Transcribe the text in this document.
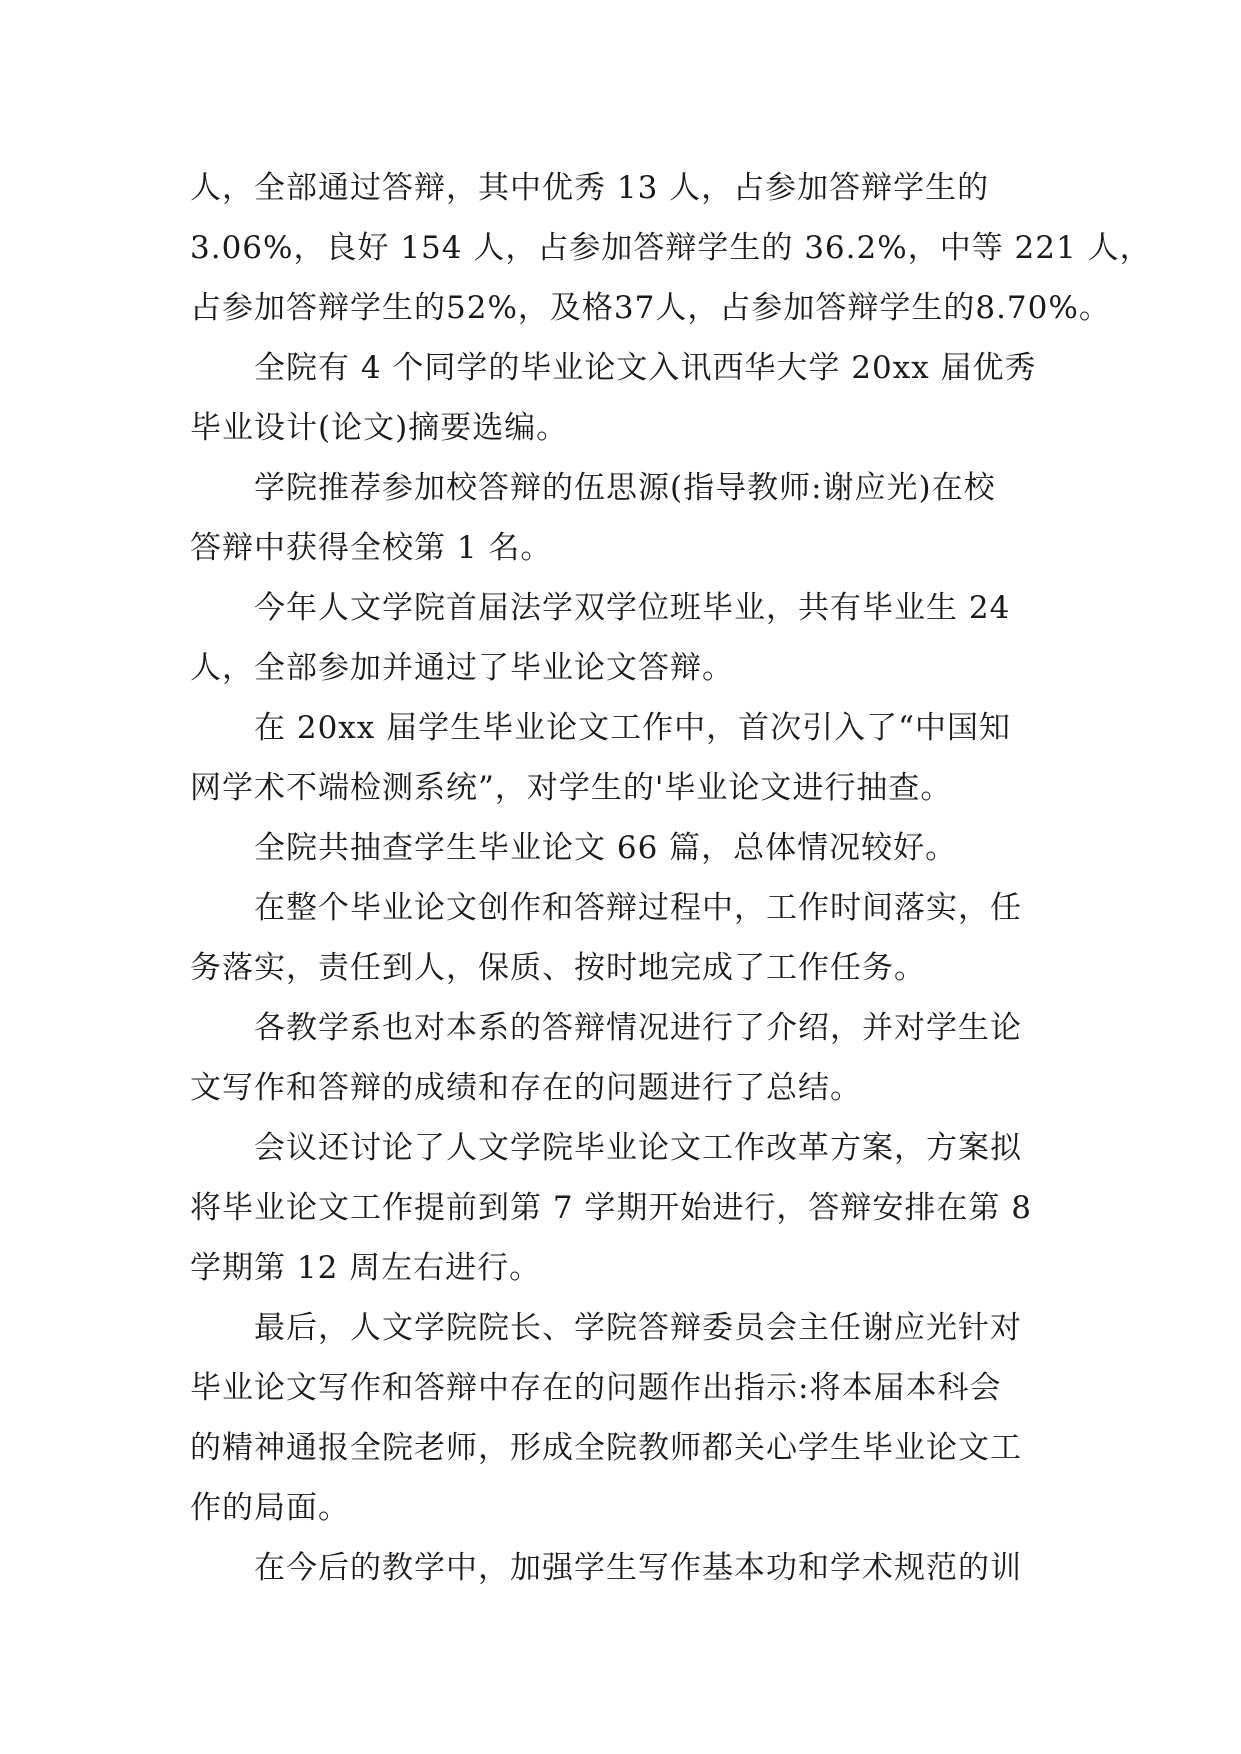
人，全部通过答辩，其中优秀 13 人，占参加答辩学生的
3.06%，良好 154 人，占参加答辩学生的 36.2%，中等 221 人，
占参加答辩学生的52%，及格37人，占参加答辩学生的8.70%。
全院有 4 个同学的毕业论文入讯西华大学 20xx 届优秀
毕业设计(论文)摘要选编。
学院推荐参加校答辩的伍思源(指导教师:谢应光)在校
答辩中获得全校第 1 名。
今年人文学院首届法学双学位班毕业，共有毕业生 24
人，全部参加并通过了毕业论文答辩。
在 20xx 届学生毕业论文工作中，首次引入了“中国知
网学术不端检测系统”，对学生的'毕业论文进行抽查。
全院共抽查学生毕业论文 66 篇，总体情况较好。
在整个毕业论文创作和答辩过程中，工作时间落实，任
务落实，责任到人，保质、按时地完成了工作任务。
各教学系也对本系的答辩情况进行了介绍，并对学生论
文写作和答辩的成绩和存在的问题进行了总结。
会议还讨论了人文学院毕业论文工作改革方案，方案拟
将毕业论文工作提前到第 7 学期开始进行，答辩安排在第 8
学期第 12 周左右进行。
最后，人文学院院长、学院答辩委员会主任谢应光针对
毕业论文写作和答辩中存在的问题作出指示:将本届本科会
的精神通报全院老师，形成全院教师都关心学生毕业论文工
作的局面。
在今后的教学中，加强学生写作基本功和学术规范的训
